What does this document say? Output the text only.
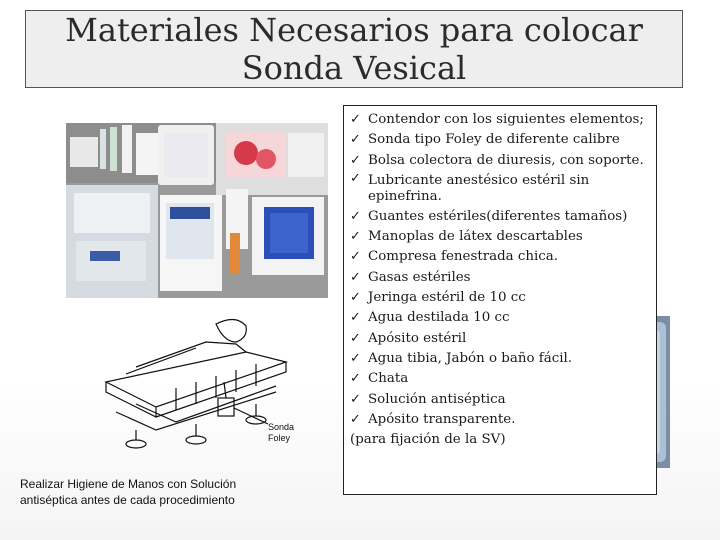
Materiales Necesarios para colocar
Sonda Vesical
Sonda
Foley
✓ Contendor con los siguientes elementos;
✓ Sonda tipo Foley de diferente calibre
✓ Bolsa colectora de diuresis, con soporte.
✓ Lubricante anestésico estéril sin epinefrina.
✓ Guantes estériles(diferentes tamaños)
✓ Manoplas de látex descartables
✓ Compresa fenestrada chica.
✓ Gasas estériles
✓ Jeringa estéril de 10 cc
✓ Agua destilada 10 cc
✓ Apósito estéril
✓ Agua tibia, Jabón o baño fácil.
✓ Chata
✓ Solución antiséptica
✓ Apósito transparente.
(para fijación de la SV)
Realizar Higiene de Manos con Solución
antiséptica antes de cada procedimiento
